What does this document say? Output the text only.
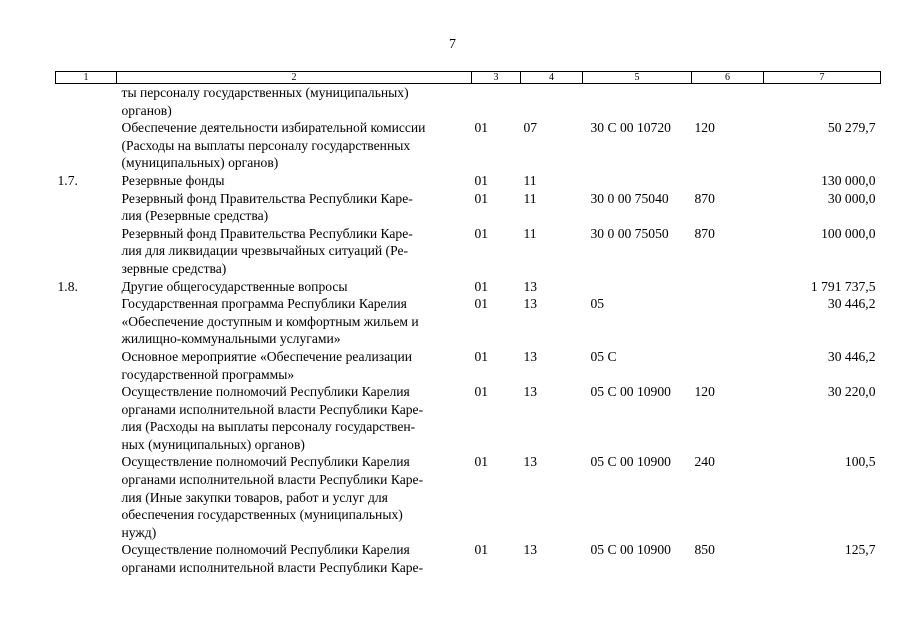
7
1	2	3	4	5	6	7
	ты персоналу государственных (муниципальных)
органов)					
	Обеспечение деятельности избирательной комиссии
(Расходы на выплаты персоналу государственных
(муниципальных) органов)	01	07	30 С 00 10720	120	50 279,7
1.7.	Резервные фонды	01	11			130 000,0
	Резервный фонд Правительства Республики Каре-
лия (Резервные средства)	01	11	30 0 00 75040	870	30 000,0
	Резервный фонд Правительства Республики Каре-
лия для ликвидации чрезвычайных ситуаций (Ре-
зервные средства)	01	11	30 0 00 75050	870	100 000,0
1.8.	Другие общегосударственные вопросы	01	13			1 791 737,5
	Государственная программа Республики Карелия
«Обеспечение доступным и комфортным жильем и
жилищно-коммунальными услугами»	01	13	05		30 446,2
	Основное мероприятие «Обеспечение реализации
государственной программы»	01	13	05 С		30 446,2
	Осуществление полномочий Республики Карелия
органами исполнительной власти Республики Каре-
лия (Расходы на выплаты персоналу государствен-
ных (муниципальных) органов)	01	13	05 С 00 10900	120	30 220,0
	Осуществление полномочий Республики Карелия
органами исполнительной власти Республики Каре-
лия (Иные закупки товаров, работ и услуг для
обеспечения государственных (муниципальных)
нужд)	01	13	05 С 00 10900	240	100,5
	Осуществление полномочий Республики Карелия
органами исполнительной власти Республики Каре-	01	13	05 С 00 10900	850	125,7
